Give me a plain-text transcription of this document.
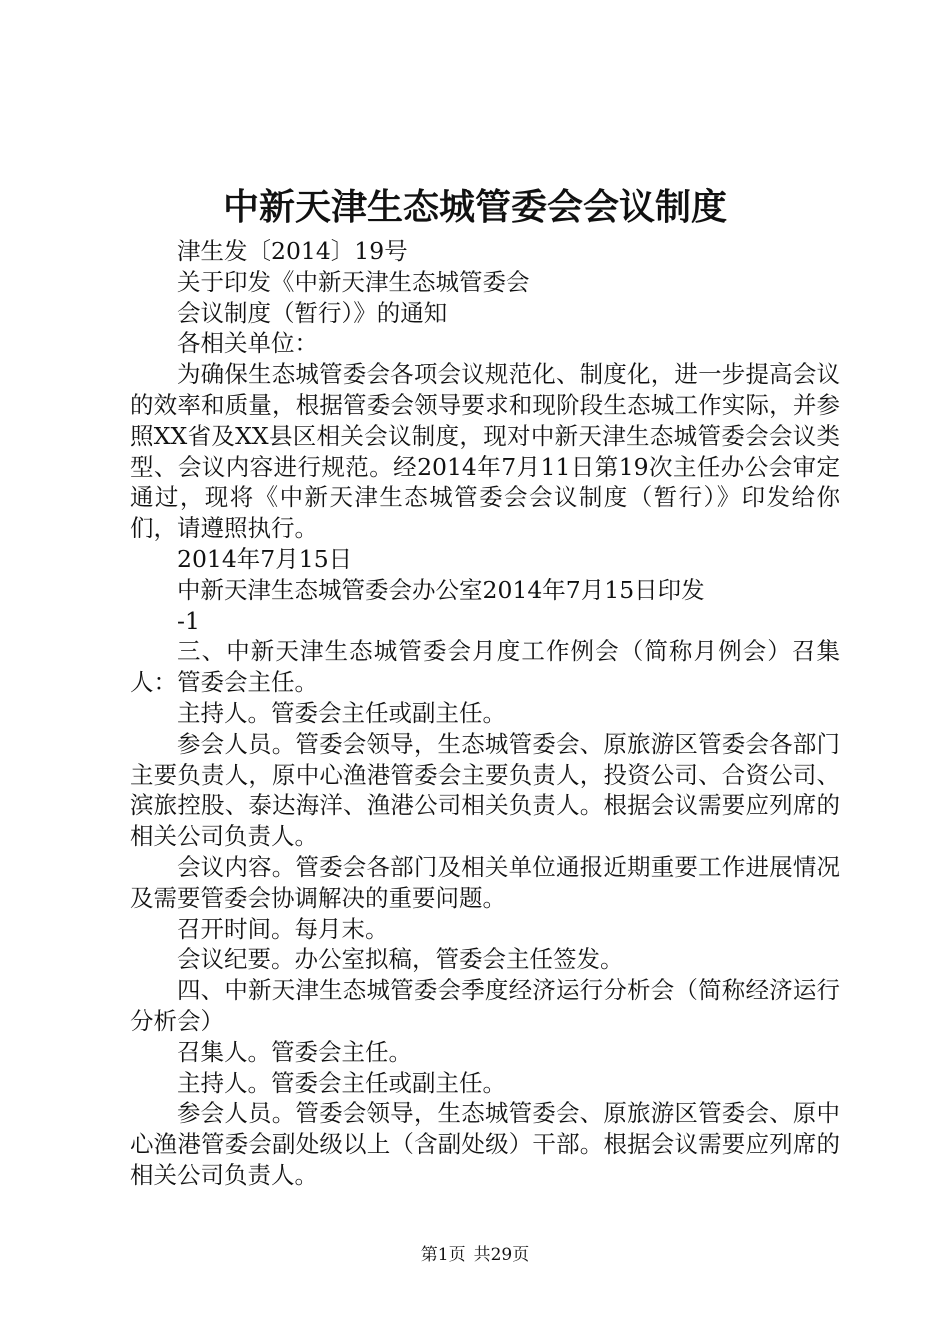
中新天津生态城管委会会议制度

津生发〔2014〕19号

关于印发《中新天津生态城管委会

会议制度（暂行）》的通知

各相关单位：

为确保生态城管委会各项会议规范化、制度化，进一步提高会议的效率和质量，根据管委会领导要求和现阶段生态城工作实际，并参照XX省及XX县区相关会议制度，现对中新天津生态城管委会会议类型、会议内容进行规范。经2014年7月11日第19次主任办公会审定通过，现将《中新天津生态城管委会会议制度（暂行）》印发给你们，请遵照执行。

2014年7月15日

中新天津生态城管委会办公室2014年7月15日印发

-1

三、中新天津生态城管委会月度工作例会（简称月例会）召集人：管委会主任。

主持人。管委会主任或副主任。

参会人员。管委会领导，生态城管委会、原旅游区管委会各部门主要负责人，原中心渔港管委会主要负责人，投资公司、合资公司、滨旅控股、泰达海洋、渔港公司相关负责人。根据会议需要应列席的相关公司负责人。

会议内容。管委会各部门及相关单位通报近期重要工作进展情况及需要管委会协调解决的重要问题。

召开时间。每月末。

会议纪要。办公室拟稿，管委会主任签发。

四、中新天津生态城管委会季度经济运行分析会（简称经济运行分析会）

召集人。管委会主任。

主持人。管委会主任或副主任。

参会人员。管委会领导，生态城管委会、原旅游区管委会、原中心渔港管委会副处级以上（含副处级）干部。根据会议需要应列席的相关公司负责人。

第1页 共29页
